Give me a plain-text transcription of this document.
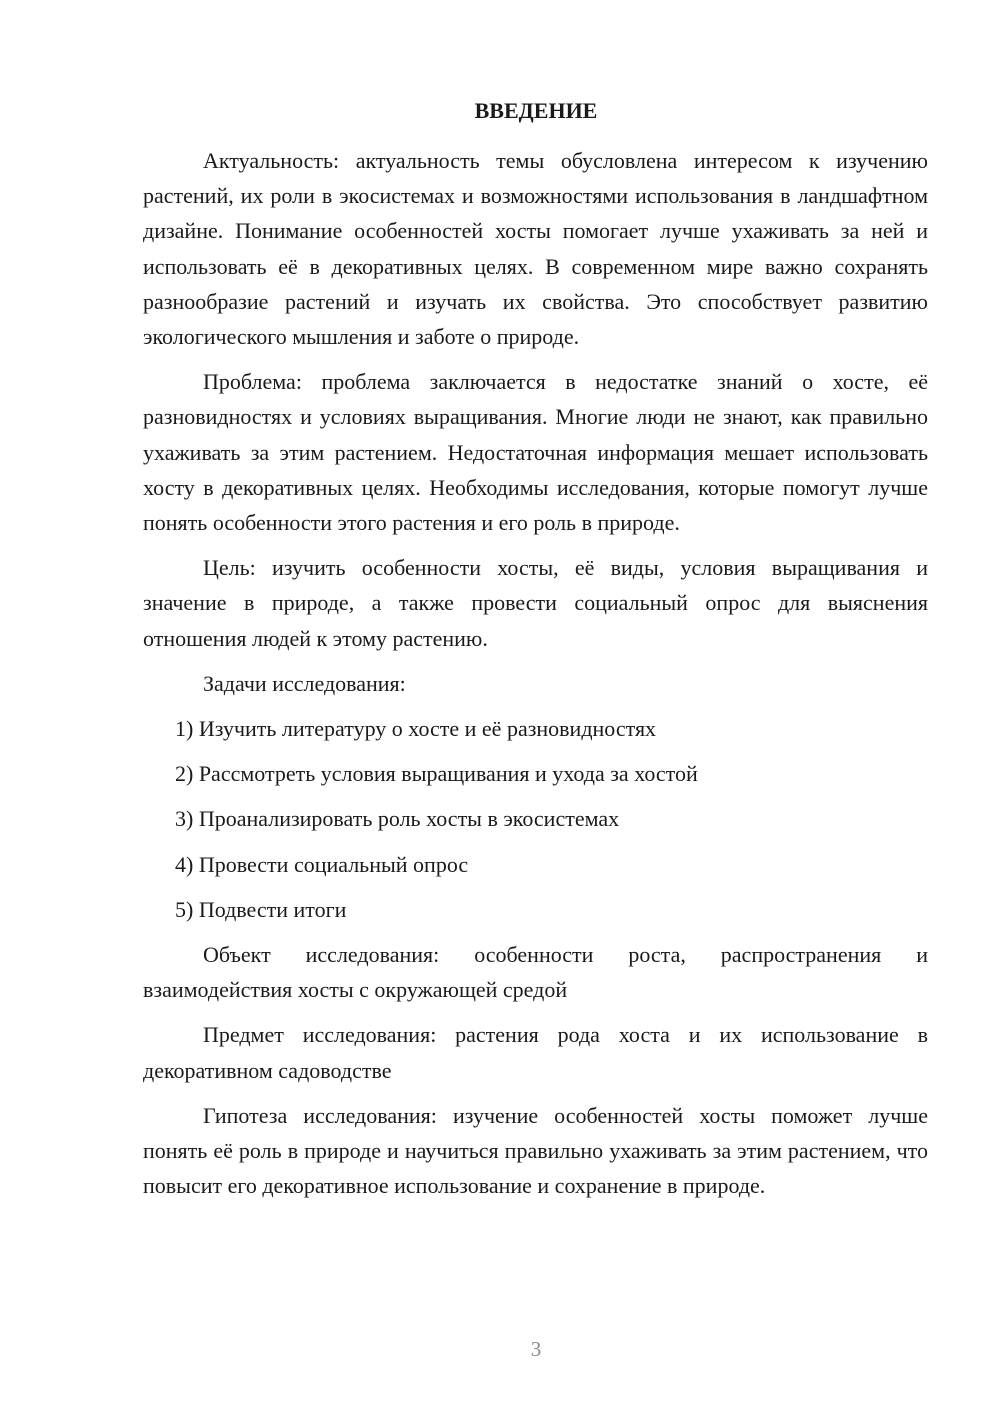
ВВЕДЕНИЕ

Актуальность: актуальность темы обусловлена интересом к изучению растений, их роли в экосистемах и возможностями использования в ландшафтном дизайне. Понимание особенностей хосты помогает лучше ухаживать за ней и использовать её в декоративных целях. В современном мире важно сохранять разнообразие растений и изучать их свойства. Это способствует развитию экологического мышления и заботе о природе.

Проблема: проблема заключается в недостатке знаний о хосте, её разновидностях и условиях выращивания. Многие люди не знают, как правильно ухаживать за этим растением. Недостаточная информация мешает использовать хосту в декоративных целях. Необходимы исследования, которые помогут лучше понять особенности этого растения и его роль в природе.

Цель: изучить особенности хосты, её виды, условия выращивания и значение в природе, а также провести социальный опрос для выяснения отношения людей к этому растению.

Задачи исследования:

1) Изучить литературу о хосте и её разновидностях

2) Рассмотреть условия выращивания и ухода за хостой

3) Проанализировать роль хосты в экосистемах

4) Провести социальный опрос

5) Подвести итоги

Объект исследования: особенности роста, распространения и взаимодействия хосты с окружающей средой

Предмет исследования: растения рода хоста и их использование в декоративном садоводстве

Гипотеза исследования: изучение особенностей хосты поможет лучше понять её роль в природе и научиться правильно ухаживать за этим растением, что повысит его декоративное использование и сохранение в природе.

3
